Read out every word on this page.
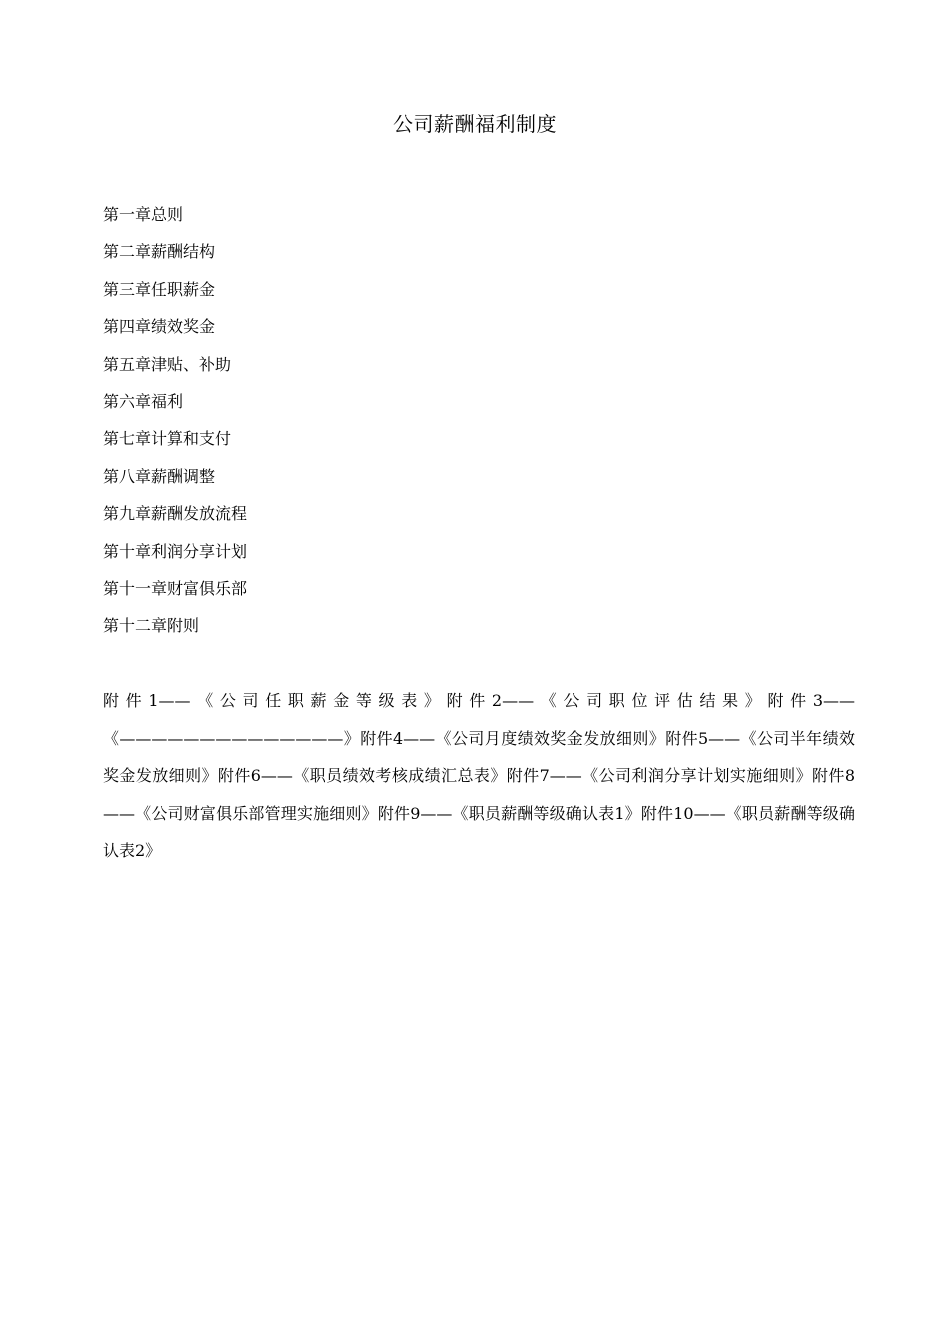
公司薪酬福利制度
第一章总则
第二章薪酬结构
第三章任职薪金
第四章绩效奖金
第五章津贴、补助
第六章福利
第七章计算和支付
第八章薪酬调整
第九章薪酬发放流程
第十章利润分享计划
第十一章财富俱乐部
第十二章附则

附件1——《公司任职薪金等级表》附件2——《公司职位评估结果》附件3——《——————————————》附件4——《公司月度绩效奖金发放细则》附件5——《公司半年绩效奖金发放细则》附件6——《职员绩效考核成绩汇总表》附件7——《公司利润分享计划实施细则》附件8——《公司财富俱乐部管理实施细则》附件9——《职员薪酬等级确认表1》附件10——《职员薪酬等级确认表2》
